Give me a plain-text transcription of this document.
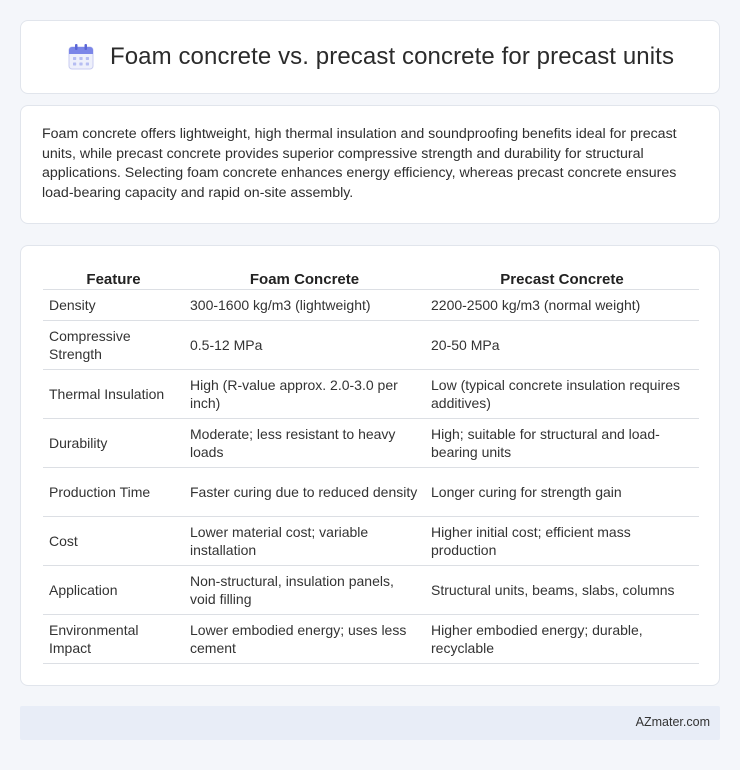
Foam concrete vs. precast concrete for precast units

Foam concrete offers lightweight, high thermal insulation and soundproofing benefits ideal for precast units, while precast concrete provides superior compressive strength and durability for structural applications. Selecting foam concrete enhances energy efficiency, whereas precast concrete ensures load-bearing capacity and rapid on-site assembly.

Feature	Foam Concrete	Precast Concrete
Density	300-1600 kg/m3 (lightweight)	2200-2500 kg/m3 (normal weight)
Compressive Strength	0.5-12 MPa	20-50 MPa
Thermal Insulation	High (R-value approx. 2.0-3.0 per inch)	Low (typical concrete insulation requires additives)
Durability	Moderate; less resistant to heavy loads	High; suitable for structural and load-bearing units
Production Time	Faster curing due to reduced density	Longer curing for strength gain
Cost	Lower material cost; variable installation	Higher initial cost; efficient mass production
Application	Non-structural, insulation panels, void filling	Structural units, beams, slabs, columns
Environmental Impact	Lower embodied energy; uses less cement	Higher embodied energy; durable, recyclable
AZmater.com
